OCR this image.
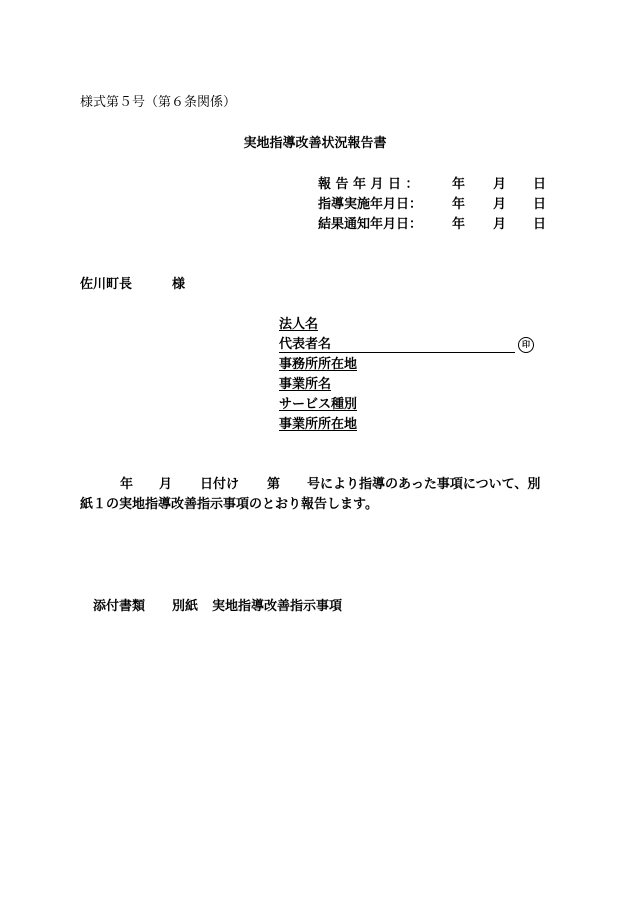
様式第５号（第６条関係）
実地指導改善状況報告書
報告年月日： 年 月 日
指導実施年月日： 年 月 日
結果通知年月日： 年 月 日
佐川町長	様
法人名
代表者名	印
事務所所在地
事業所名
サービス種別
事業所所在地
年 月 日付け 第 号により指導のあった事項について、別
紙１の実地指導改善指示事項のとおり報告します。
添付書類 別紙 実地指導改善指示事項
